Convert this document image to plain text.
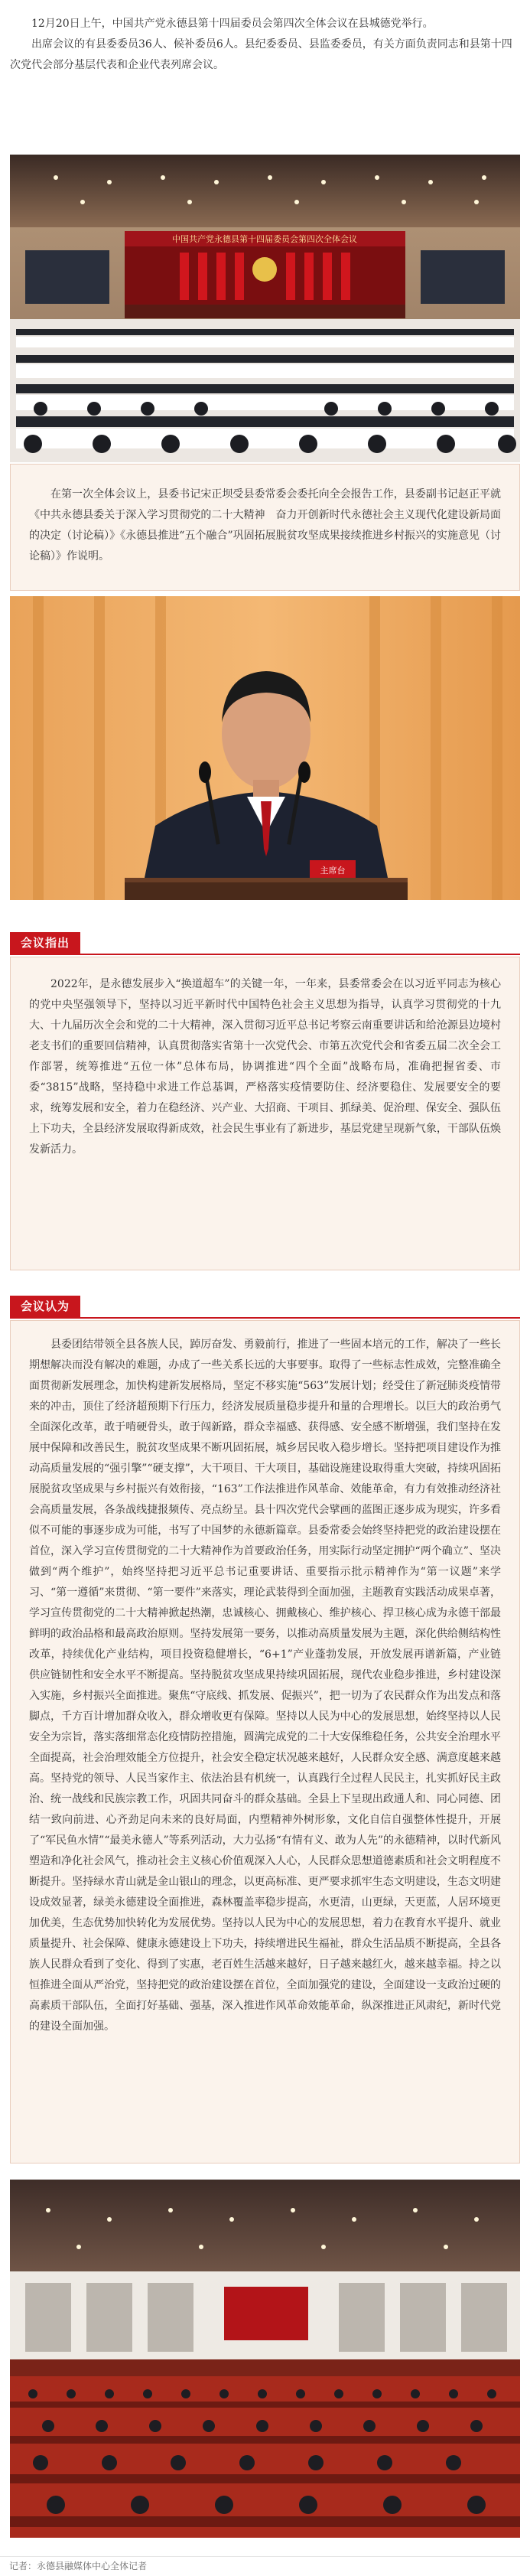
12月20日上午，中国共产党永德县第十四届委员会第四次全体会议在县城德党举行。

出席会议的有县委委员36人、候补委员6人。县纪委委员、县监委委员，有关方面负责同志和县第十四次党代会部分基层代表和企业代表列席会议。

中国共产党永德县第十四届委员会第四次全体会议

在第一次全体会议上，县委书记宋正坝受县委常委会委托向全会报告工作，县委副书记赵正平就《中共永德县委关于深入学习贯彻党的二十大精神　奋力开创新时代永德社会主义现代化建设新局面的决定（讨论稿）》《永德县推进“五个融合”巩固拓展脱贫攻坚成果接续推进乡村振兴的实施意见（讨论稿）》作说明。

主席台
会议指出

2022年，是永德发展步入“换道超车”的关键一年，一年来，县委常委会在以习近平同志为核心的党中央坚强领导下，坚持以习近平新时代中国特色社会主义思想为指导，认真学习贯彻党的十九大、十九届历次全会和党的二十大精神，深入贯彻习近平总书记考察云南重要讲话和给沧源县边境村老支书们的重要回信精神，认真贯彻落实省第十一次党代会、市第五次党代会和省委五届二次全会工作部署，统筹推进“五位一体”总体布局，协调推进“四个全面”战略布局，准确把握省委、市委“3815”战略，坚持稳中求进工作总基调，严格落实疫情要防住、经济要稳住、发展要安全的要求，统筹发展和安全，着力在稳经济、兴产业、大招商、干项目、抓绿美、促治理、保安全、强队伍上下功夫，全县经济发展取得新成效，社会民生事业有了新进步，基层党建呈现新气象，干部队伍焕发新活力。

会议认为

县委团结带领全县各族人民，踔厉奋发、勇毅前行，推进了一些固本培元的工作，解决了一些长期想解决而没有解决的难题，办成了一些关系长远的大事要事。取得了一些标志性成效，完整准确全面贯彻新发展理念，加快构建新发展格局，坚定不移实施“563”发展计划；经受住了新冠肺炎疫情带来的冲击，顶住了经济超预期下行压力，经济发展质量稳步提升和量的合理增长。以巨大的政治勇气全面深化改革，敢于啃硬骨头，敢于闯新路，群众幸福感、获得感、安全感不断增强，我们坚持在发展中保障和改善民生，脱贫攻坚成果不断巩固拓展，城乡居民收入稳步增长。坚持把项目建设作为推动高质量发展的“强引擎”“硬支撑”，大干项目、干大项目，基础设施建设取得重大突破，持续巩固拓展脱贫攻坚成果与乡村振兴有效衔接，“163”工作法推进作风革命、效能革命，有力有效推动经济社会高质量发展，各条战线捷报频传、亮点纷呈。县十四次党代会擘画的蓝图正逐步成为现实，许多看似不可能的事逐步成为可能，书写了中国梦的永德新篇章。县委常委会始终坚持把党的政治建设摆在首位，深入学习宣传贯彻党的二十大精神作为首要政治任务，用实际行动坚定拥护“两个确立”、坚决做到“两个维护”，始终坚持把习近平总书记重要讲话、重要指示批示精神作为“第一议题”来学习、“第一遵循”来贯彻、“第一要件”来落实，理论武装得到全面加强，主题教育实践活动成果卓著，学习宣传贯彻党的二十大精神掀起热潮，忠诚核心、拥戴核心、维护核心、捍卫核心成为永德干部最鲜明的政治品格和最高政治原则。坚持发展第一要务，以推动高质量发展为主题，深化供给侧结构性改革，持续优化产业结构，项目投资稳健增长，“6+1”产业蓬勃发展，开放发展再谱新篇，产业链供应链韧性和安全水平不断提高。坚持脱贫攻坚成果持续巩固拓展，现代农业稳步推进，乡村建设深入实施，乡村振兴全面推进。聚焦“守底线、抓发展、促振兴”，把一切为了农民群众作为出发点和落脚点，千方百计增加群众收入，群众增收更有保障。坚持以人民为中心的发展思想，始终坚持以人民安全为宗旨，落实落细常态化疫情防控措施，圆满完成党的二十大安保维稳任务，公共安全治理水平全面提高，社会治理效能全方位提升，社会安全稳定状况越来越好，人民群众安全感、满意度越来越高。坚持党的领导、人民当家作主、依法治县有机统一，认真践行全过程人民民主，扎实抓好民主政治、统一战线和民族宗教工作，巩固共同奋斗的群众基础。全县上下呈现出政通人和、同心同德、团结一致向前进、心齐劲足向未来的良好局面，内塑精神外树形象，文化自信自强整体性提升，开展了“军民鱼水情”“最美永德人”等系列活动，大力弘扬“有情有义、敢为人先”的永德精神，以时代新风塑造和净化社会风气，推动社会主义核心价值观深入人心，人民群众思想道德素质和社会文明程度不断提升。坚持绿水青山就是金山银山的理念，以更高标准、更严要求抓牢生态文明建设，生态文明建设成效显著，绿美永德建设全面推进，森林覆盖率稳步提高，水更清，山更绿，天更蓝，人居环境更加优美，生态优势加快转化为发展优势。坚持以人民为中心的发展思想，着力在教育水平提升、就业质量提升、社会保障、健康永德建设上下功夫，持续增进民生福祉，群众生活品质不断提高，全县各族人民群众看到了变化、得到了实惠，老百姓生活越来越好，日子越来越红火，越来越幸福。持之以恒推进全面从严治党，坚持把党的政治建设摆在首位，全面加强党的建设，全面建设一支政治过硬的高素质干部队伍，全面打好基础、强基，深入推进作风革命效能革命，纵深推进正风肃纪，新时代党的建设全面加强。

记者：永德县融媒体中心全体记者
